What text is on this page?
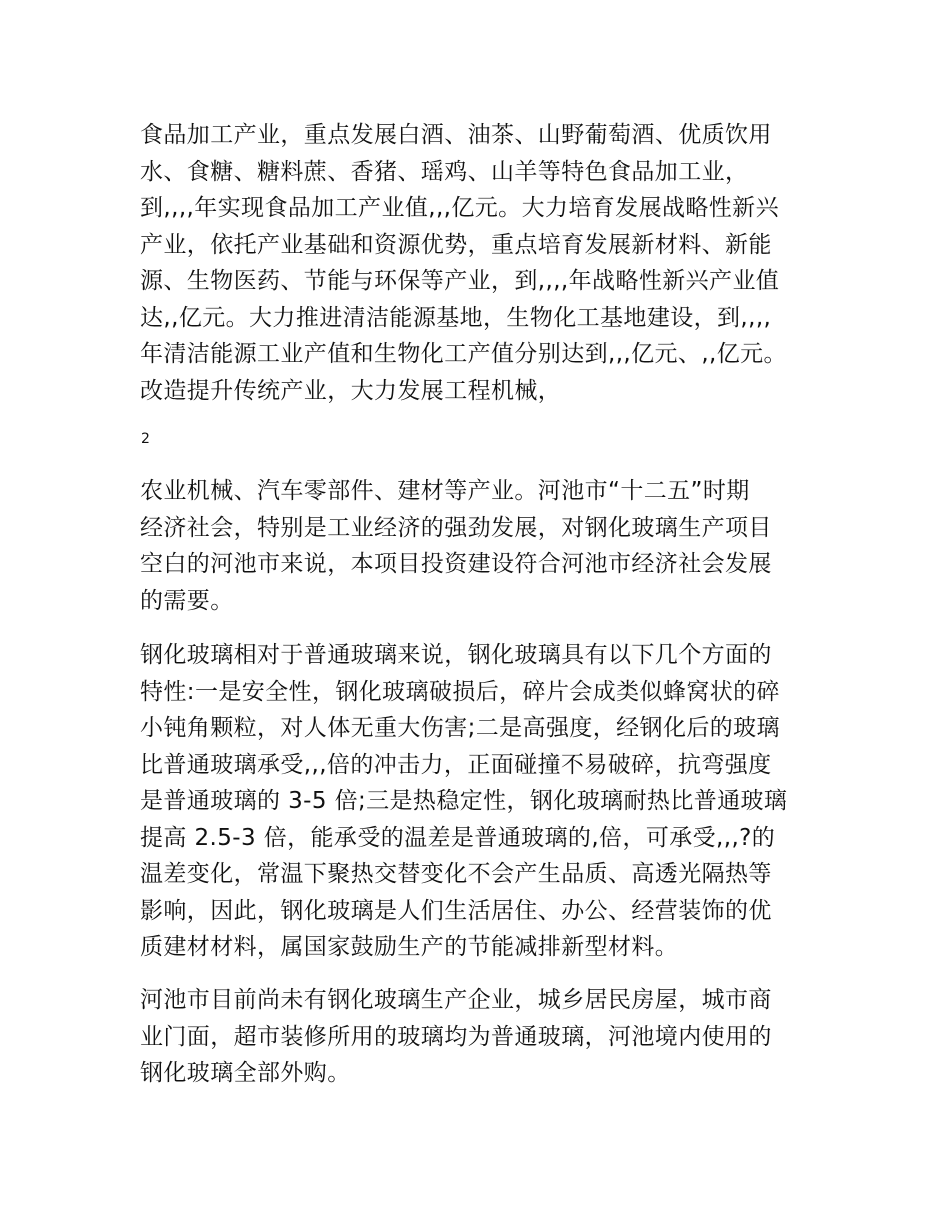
食品加工产业，重点发展白酒、油茶、山野葡萄酒、优质饮用
水、食糖、糖料蔗、香猪、瑶鸡、山羊等特色食品加工业，
到,,,,年实现食品加工产业值,,,亿元。大力培育发展战略性新兴
产业，依托产业基础和资源优势，重点培育发展新材料、新能
源、生物医药、节能与环保等产业，到,,,,年战略性新兴产业值
达,,亿元。大力推进清洁能源基地，生物化工基地建设，到,,,,
年清洁能源工业产值和生物化工产值分别达到,,,亿元、,,亿元。
改造提升传统产业，大力发展工程机械，
2
农业机械、汽车零部件、建材等产业。河池市“十二五”时期
经济社会，特别是工业经济的强劲发展，对钢化玻璃生产项目
空白的河池市来说，本项目投资建设符合河池市经济社会发展
的需要。
钢化玻璃相对于普通玻璃来说，钢化玻璃具有以下几个方面的
特性:一是安全性，钢化玻璃破损后，碎片会成类似蜂窝状的碎
小钝角颗粒，对人体无重大伤害;二是高强度，经钢化后的玻璃
比普通玻璃承受,,,倍的冲击力，正面碰撞不易破碎，抗弯强度
是普通玻璃的 3-5 倍;三是热稳定性，钢化玻璃耐热比普通玻璃
提高 2.5-3 倍，能承受的温差是普通玻璃的,倍，可承受,,,?的
温差变化，常温下聚热交替变化不会产生品质、高透光隔热等
影响，因此，钢化玻璃是人们生活居住、办公、经营装饰的优
质建材材料，属国家鼓励生产的节能减排新型材料。
河池市目前尚未有钢化玻璃生产企业，城乡居民房屋，城市商
业门面，超市装修所用的玻璃均为普通玻璃，河池境内使用的
钢化玻璃全部外购。
